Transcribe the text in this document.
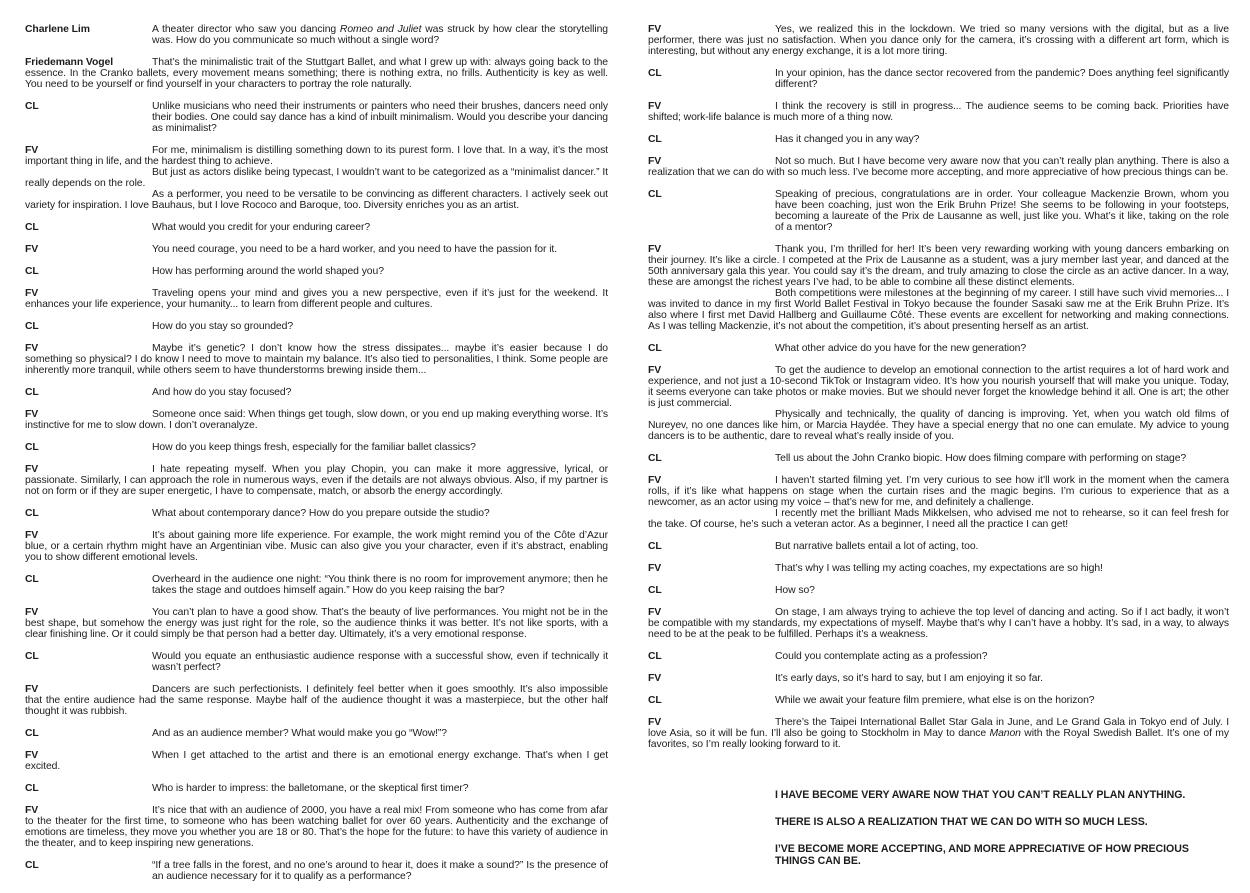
Charlene Lim	A theater director who saw you dancing Romeo and Juliet was struck by how clear the storytelling was. How do you communicate so much without a single word?

Friedemann Vogel	That’s the minimalistic trait of the Stuttgart Ballet, and what I grew up with: always going back to the essence. In the Cranko ballets, every movement means something; there is nothing extra, no frills. Authenticity is key as well. You need to be yourself or find yourself in your characters to portray the role naturally.

CL	Unlike musicians who need their instruments or painters who need their brushes, dancers need only their bodies. One could say dance has a kind of inbuilt minimalism. Would you describe your dancing as minimalist?

FV	For me, minimalism is distilling something down to its purest form. I love that. In a way, it’s the most important thing in life, and the hardest thing to achieve.

But just as actors dislike being typecast, I wouldn’t want to be categorized as a “minimalist dancer.” It really depends on the role.

As a performer, you need to be versatile to be convincing as different characters. I actively seek out variety for inspiration. I love Bauhaus, but I love Rococo and Baroque, too. Diversity enriches you as an artist.

CL	What would you credit for your enduring career?

FV	You need courage, you need to be a hard worker, and you need to have the passion for it.

CL	How has performing around the world shaped you?

FV	Traveling opens your mind and gives you a new perspective, even if it’s just for the weekend. It enhances your life experience, your humanity... to learn from different people and cultures.

CL	How do you stay so grounded?

FV	Maybe it’s genetic? I don’t know how the stress dissipates... maybe it’s easier because I do something so physical? I do know I need to move to maintain my balance. It’s also tied to personalities, I think. Some people are inherently more tranquil, while others seem to have thunderstorms brewing inside them...

CL	And how do you stay focused?

FV	Someone once said: When things get tough, slow down, or you end up making everything worse. It’s instinctive for me to slow down. I don’t overanalyze.

CL	How do you keep things fresh, especially for the familiar ballet classics?

FV	I hate repeating myself. When you play Chopin, you can make it more aggressive, lyrical, or passionate. Similarly, I can approach the role in numerous ways, even if the details are not always obvious. Also, if my partner is not on form or if they are super energetic, I have to compensate, match, or absorb the energy accordingly.

CL	What about contemporary dance? How do you prepare outside the studio?

FV	It’s about gaining more life experience. For example, the work might remind you of the Côte d’Azur blue, or a certain rhythm might have an Argentinian vibe. Music can also give you your character, even if it’s abstract, enabling you to show different emotional levels.

CL	Overheard in the audience one night: “You think there is no room for improvement anymore; then he takes the stage and outdoes himself again.” How do you keep raising the bar?

FV	You can’t plan to have a good show. That’s the beauty of live performances. You might not be in the best shape, but somehow the energy was just right for the role, so the audience thinks it was better. It’s not like sports, with a clear finishing line. Or it could simply be that person had a better day. Ultimately, it’s a very emotional response.

CL	Would you equate an enthusiastic audience response with a successful show, even if technically it wasn’t perfect?

FV	Dancers are such perfectionists. I definitely feel better when it goes smoothly. It’s also impossible that the entire audience had the same response. Maybe half of the audience thought it was a masterpiece, but the other half thought it was rubbish.

CL	And as an audience member? What would make you go “Wow!”?

FV	When I get attached to the artist and there is an emotional energy exchange. That’s when I get excited.

CL	Who is harder to impress: the balletomane, or the skeptical first timer?

FV	It’s nice that with an audience of 2000, you have a real mix! From someone who has come from afar to the theater for the first time, to someone who has been watching ballet for over 60 years. Authenticity and the exchange of emotions are timeless, they move you whether you are 18 or 80. That’s the hope for the future: to have this variety of audience in the theater, and to keep inspiring new generations.

CL	“If a tree falls in the forest, and no one’s around to hear it, does it make a sound?” Is the presence of an audience necessary for it to qualify as a performance?

FV	Yes, we realized this in the lockdown. We tried so many versions with the digital, but as a live performer, there was just no satisfaction. When you dance only for the camera, it’s crossing with a different art form, which is interesting, but without any energy exchange, it is a lot more tiring.

CL	In your opinion, has the dance sector recovered from the pandemic? Does anything feel significantly different?

FV	I think the recovery is still in progress... The audience seems to be coming back. Priorities have shifted; work-life balance is much more of a thing now.

CL	Has it changed you in any way?

FV	Not so much. But I have become very aware now that you can’t really plan anything. There is also a realization that we can do with so much less. I’ve become more accepting, and more appreciative of how precious things can be.

CL	Speaking of precious, congratulations are in order. Your colleague Mackenzie Brown, whom you have been coaching, just won the Erik Bruhn Prize! She seems to be following in your footsteps, becoming a laureate of the Prix de Lausanne as well, just like you. What’s it like, taking on the role of a mentor?

FV	Thank you, I’m thrilled for her! It’s been very rewarding working with young dancers embarking on their journey. It’s like a circle. I competed at the Prix de Lausanne as a student, was a jury member last year, and danced at the 50th anniversary gala this year. You could say it’s the dream, and truly amazing to close the circle as an active dancer. In a way, these are amongst the richest years I’ve had, to be able to combine all these distinct elements.

Both competitions were milestones at the beginning of my career. I still have such vivid memories... I was invited to dance in my first World Ballet Festival in Tokyo because the founder Sasaki saw me at the Erik Bruhn Prize. It’s also where I first met David Hallberg and Guillaume Côté. These events are excellent for networking and making connections. As I was telling Mackenzie, it’s not about the competition, it’s about presenting herself as an artist.

CL	What other advice do you have for the new generation?

FV	To get the audience to develop an emotional connection to the artist requires a lot of hard work and experience, and not just a 10-second TikTok or Instagram video. It’s how you nourish yourself that will make you unique. Today, it seems everyone can take photos or make movies. But we should never forget the knowledge behind it all. One is art; the other is just commercial.

Physically and technically, the quality of dancing is improving. Yet, when you watch old films of Nureyev, no one dances like him, or Marcia Haydée. They have a special energy that no one can emulate. My advice to young dancers is to be authentic, dare to reveal what’s really inside of you.

CL	Tell us about the John Cranko biopic. How does filming compare with performing on stage?

FV	I haven’t started filming yet. I’m very curious to see how it’ll work in the moment when the camera rolls, if it’s like what happens on stage when the curtain rises and the magic begins. I’m curious to experience that as a newcomer, as an actor using my voice – that’s new for me, and definitely a challenge.

I recently met the brilliant Mads Mikkelsen, who advised me not to rehearse, so it can feel fresh for the take. Of course, he’s such a veteran actor. As a beginner, I need all the practice I can get!

CL	But narrative ballets entail a lot of acting, too.

FV	That’s why I was telling my acting coaches, my expectations are so high!

CL	How so?

FV	On stage, I am always trying to achieve the top level of dancing and acting. So if I act badly, it won’t be compatible with my standards, my expectations of myself. Maybe that’s why I can’t have a hobby. It’s sad, in a way, to always need to be at the peak to be fulfilled. Perhaps it’s a weakness.

CL	Could you contemplate acting as a profession?

FV	It’s early days, so it’s hard to say, but I am enjoying it so far.

CL	While we await your feature film premiere, what else is on the horizon?

FV	There’s the Taipei International Ballet Star Gala in June, and Le Grand Gala in Tokyo end of July. I love Asia, so it will be fun. I’ll also be going to Stockholm in May to dance Manon with the Royal Swedish Ballet. It’s one of my favorites, so I’m really looking forward to it.

I HAVE BECOME VERY AWARE NOW THAT YOU CAN’T REALLY PLAN ANYTHING.

THERE IS ALSO A REALIZATION THAT WE CAN DO WITH SO MUCH LESS.

I’VE BECOME MORE ACCEPTING, AND MORE APPRECIATIVE OF HOW PRECIOUS THINGS CAN BE.
